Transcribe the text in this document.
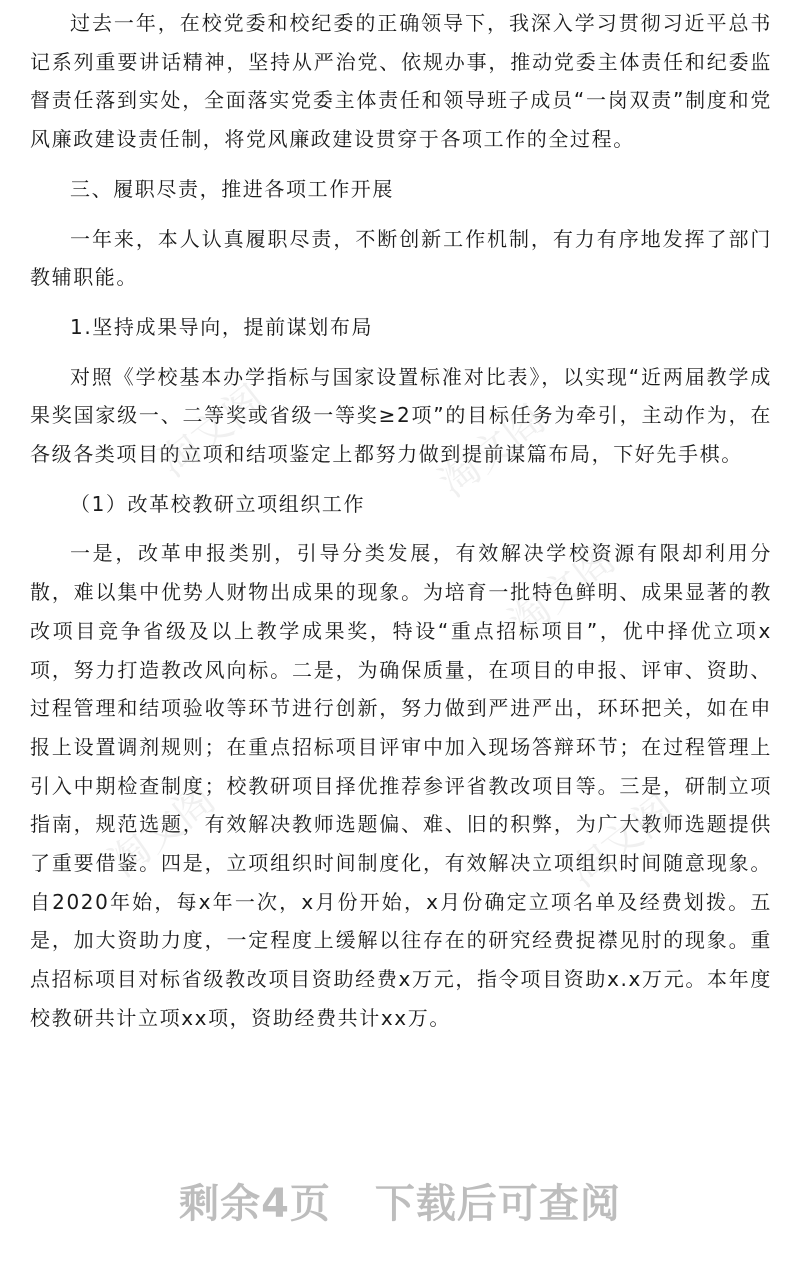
过去一年，在校党委和校纪委的正确领导下，我深入学习贯彻习近平总书记系列重要讲话精神，坚持从严治党、依规办事，推动党委主体责任和纪委监督责任落到实处，全面落实党委主体责任和领导班子成员“一岗双责”制度和党风廉政建设责任制，将党风廉政建设贯穿于各项工作的全过程。

三、履职尽责，推进各项工作开展

一年来，本人认真履职尽责，不断创新工作机制，有力有序地发挥了部门教辅职能。

1.坚持成果导向，提前谋划布局

对照《学校基本办学指标与国家设置标准对比表》，以实现“近两届教学成果奖国家级一、二等奖或省级一等奖≥2项”的目标任务为牵引，主动作为，在各级各类项目的立项和结项鉴定上都努力做到提前谋篇布局，下好先手棋。

（1）改革校教研立项组织工作

一是，改革申报类别，引导分类发展，有效解决学校资源有限却利用分散，难以集中优势人财物出成果的现象。为培育一批特色鲜明、成果显著的教改项目竞争省级及以上教学成果奖，特设“重点招标项目”，优中择优立项x项，努力打造教改风向标。二是，为确保质量，在项目的申报、评审、资助、过程管理和结项验收等环节进行创新，努力做到严进严出，环环把关，如在申报上设置调剂规则；在重点招标项目评审中加入现场答辩环节；在过程管理上引入中期检查制度；校教研项目择优推荐参评省教改项目等。三是，研制立项指南，规范选题，有效解决教师选题偏、难、旧的积弊，为广大教师选题提供了重要借鉴。四是，立项组织时间制度化，有效解决立项组织时间随意现象。自2020年始，每x年一次，x月份开始，x月份确定立项名单及经费划拨。五是，加大资助力度，一定程度上缓解以往存在的研究经费捉襟见肘的现象。重点招标项目对标省级教改项目资助经费x万元，指令项目资助x.x万元。本年度校教研共计立项xx项，资助经费共计xx万。

淘文阁	淘文阁
淘文阁
淘文阁	淘文阁
剩余4页 下载后可查阅
